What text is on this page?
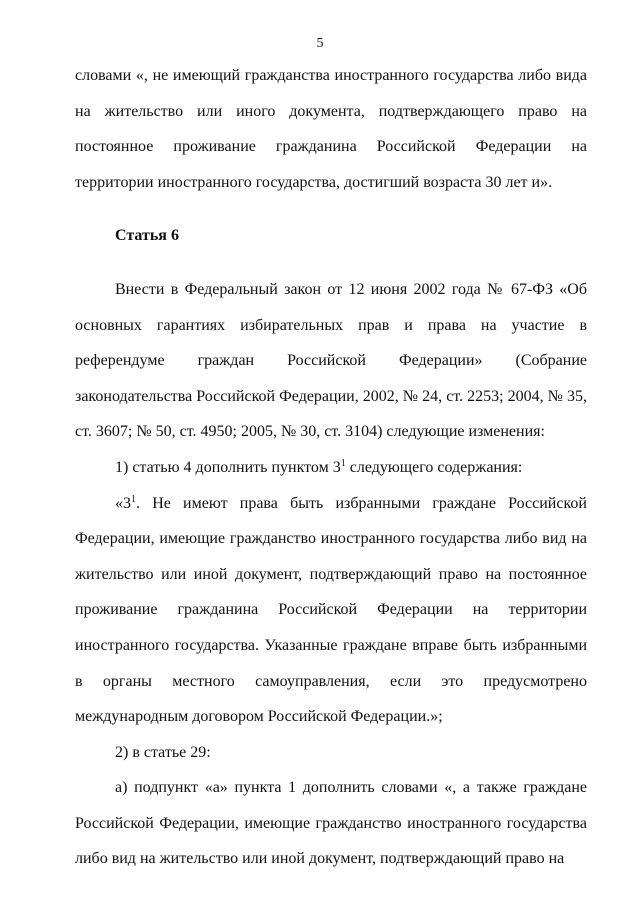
5

словами «, не имеющий гражданства иностранного государства либо вида на жительство или иного документа, подтверждающего право на постоянное проживание гражданина Российской Федерации на территории иностранного государства, достигший возраста 30 лет и».

Статья 6

Внести в Федеральный закон от 12 июня 2002 года № 67-ФЗ «Об основных гарантиях избирательных прав и права на участие в референдуме граждан Российской Федерации» (Собрание законодательства Российской Федерации, 2002, № 24, ст. 2253; 2004, № 35, ст. 3607; № 50, ст. 4950; 2005, № 30, ст. 3104) следующие изменения:

1) статью 4 дополнить пунктом $3^1$ следующего содержания:

«$3^1$. Не имеют права быть избранными граждане Российской Федерации, имеющие гражданство иностранного государства либо вид на жительство или иной документ, подтверждающий право на постоянное проживание гражданина Российской Федерации на территории иностранного государства. Указанные граждане вправе быть избранными в органы местного самоуправления, если это предусмотрено международным договором Российской Федерации.»;

2) в статье 29:

а) подпункт «а» пункта 1 дополнить словами «, а также граждане Российской Федерации, имеющие гражданство иностранного государства либо вид на жительство или иной документ, подтверждающий право на
